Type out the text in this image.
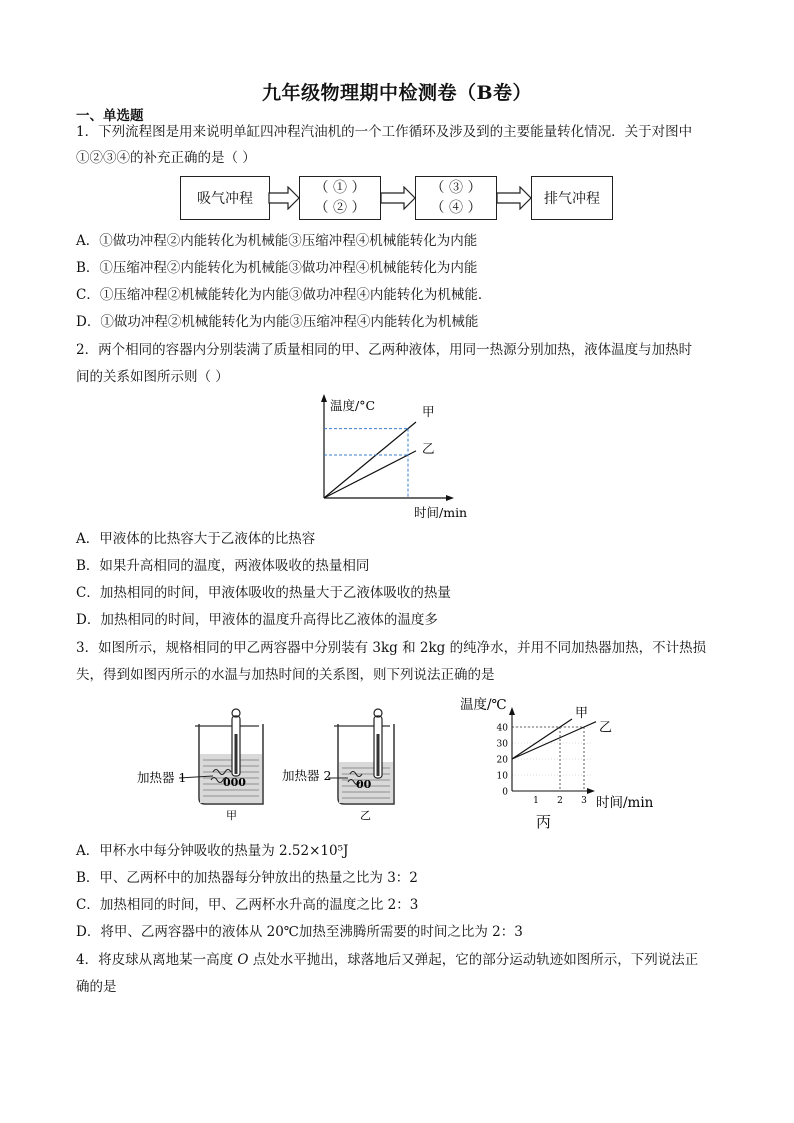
九年级物理期中检测卷（B卷）
一、单选题
1．下列流程图是用来说明单缸四冲程汽油机的一个工作循环及涉及到的主要能量转化情况．关于对图中
①②③④的补充正确的是（ ）
吸气冲程
（ ① ）
（ ② ）
（ ③ ）
（ ④ ）
排气冲程
A．①做功冲程②内能转化为机械能③压缩冲程④机械能转化为内能
B．①压缩冲程②内能转化为机械能③做功冲程④机械能转化为内能
C．①压缩冲程②机械能转化为内能③做功冲程④内能转化为机械能．
D．①做功冲程②机械能转化为内能③压缩冲程④内能转化为机械能
2．两个相同的容器内分别装满了质量相同的甲、乙两种液体，用同一热源分别加热，液体温度与加热时
间的关系如图所示则（ ）
温度/°C
时间/min
甲
乙
A．甲液体的比热容大于乙液体的比热容
B．如果升高相同的温度，两液体吸收的热量相同
C．加热相同的时间，甲液体吸收的热量大于乙液体吸收的热量
D．加热相同的时间，甲液体的温度升高得比乙液体的温度多
3．如图所示，规格相同的甲乙两容器中分别装有 3kg 和 2kg 的纯净水，并用不同加热器加热，不计热损
失，得到如图丙所示的水温与加热时间的关系图，则下列说法正确的是
加热器 1	000
甲
加热器 2
00
乙
温度/℃
时间/min
丙
0
10
20
30
40
1 2 3
甲
乙
A．甲杯水中每分钟吸收的热量为 2.52×10⁵J
B．甲、乙两杯中的加热器每分钟放出的热量之比为 3：2
C．加热相同的时间，甲、乙两杯水升高的温度之比 2：3
D．将甲、乙两容器中的液体从 20℃加热至沸腾所需要的时间之比为 2：3
4．将皮球从离地某一高度 O 点处水平抛出，球落地后又弹起，它的部分运动轨迹如图所示，下列说法正
确的是
